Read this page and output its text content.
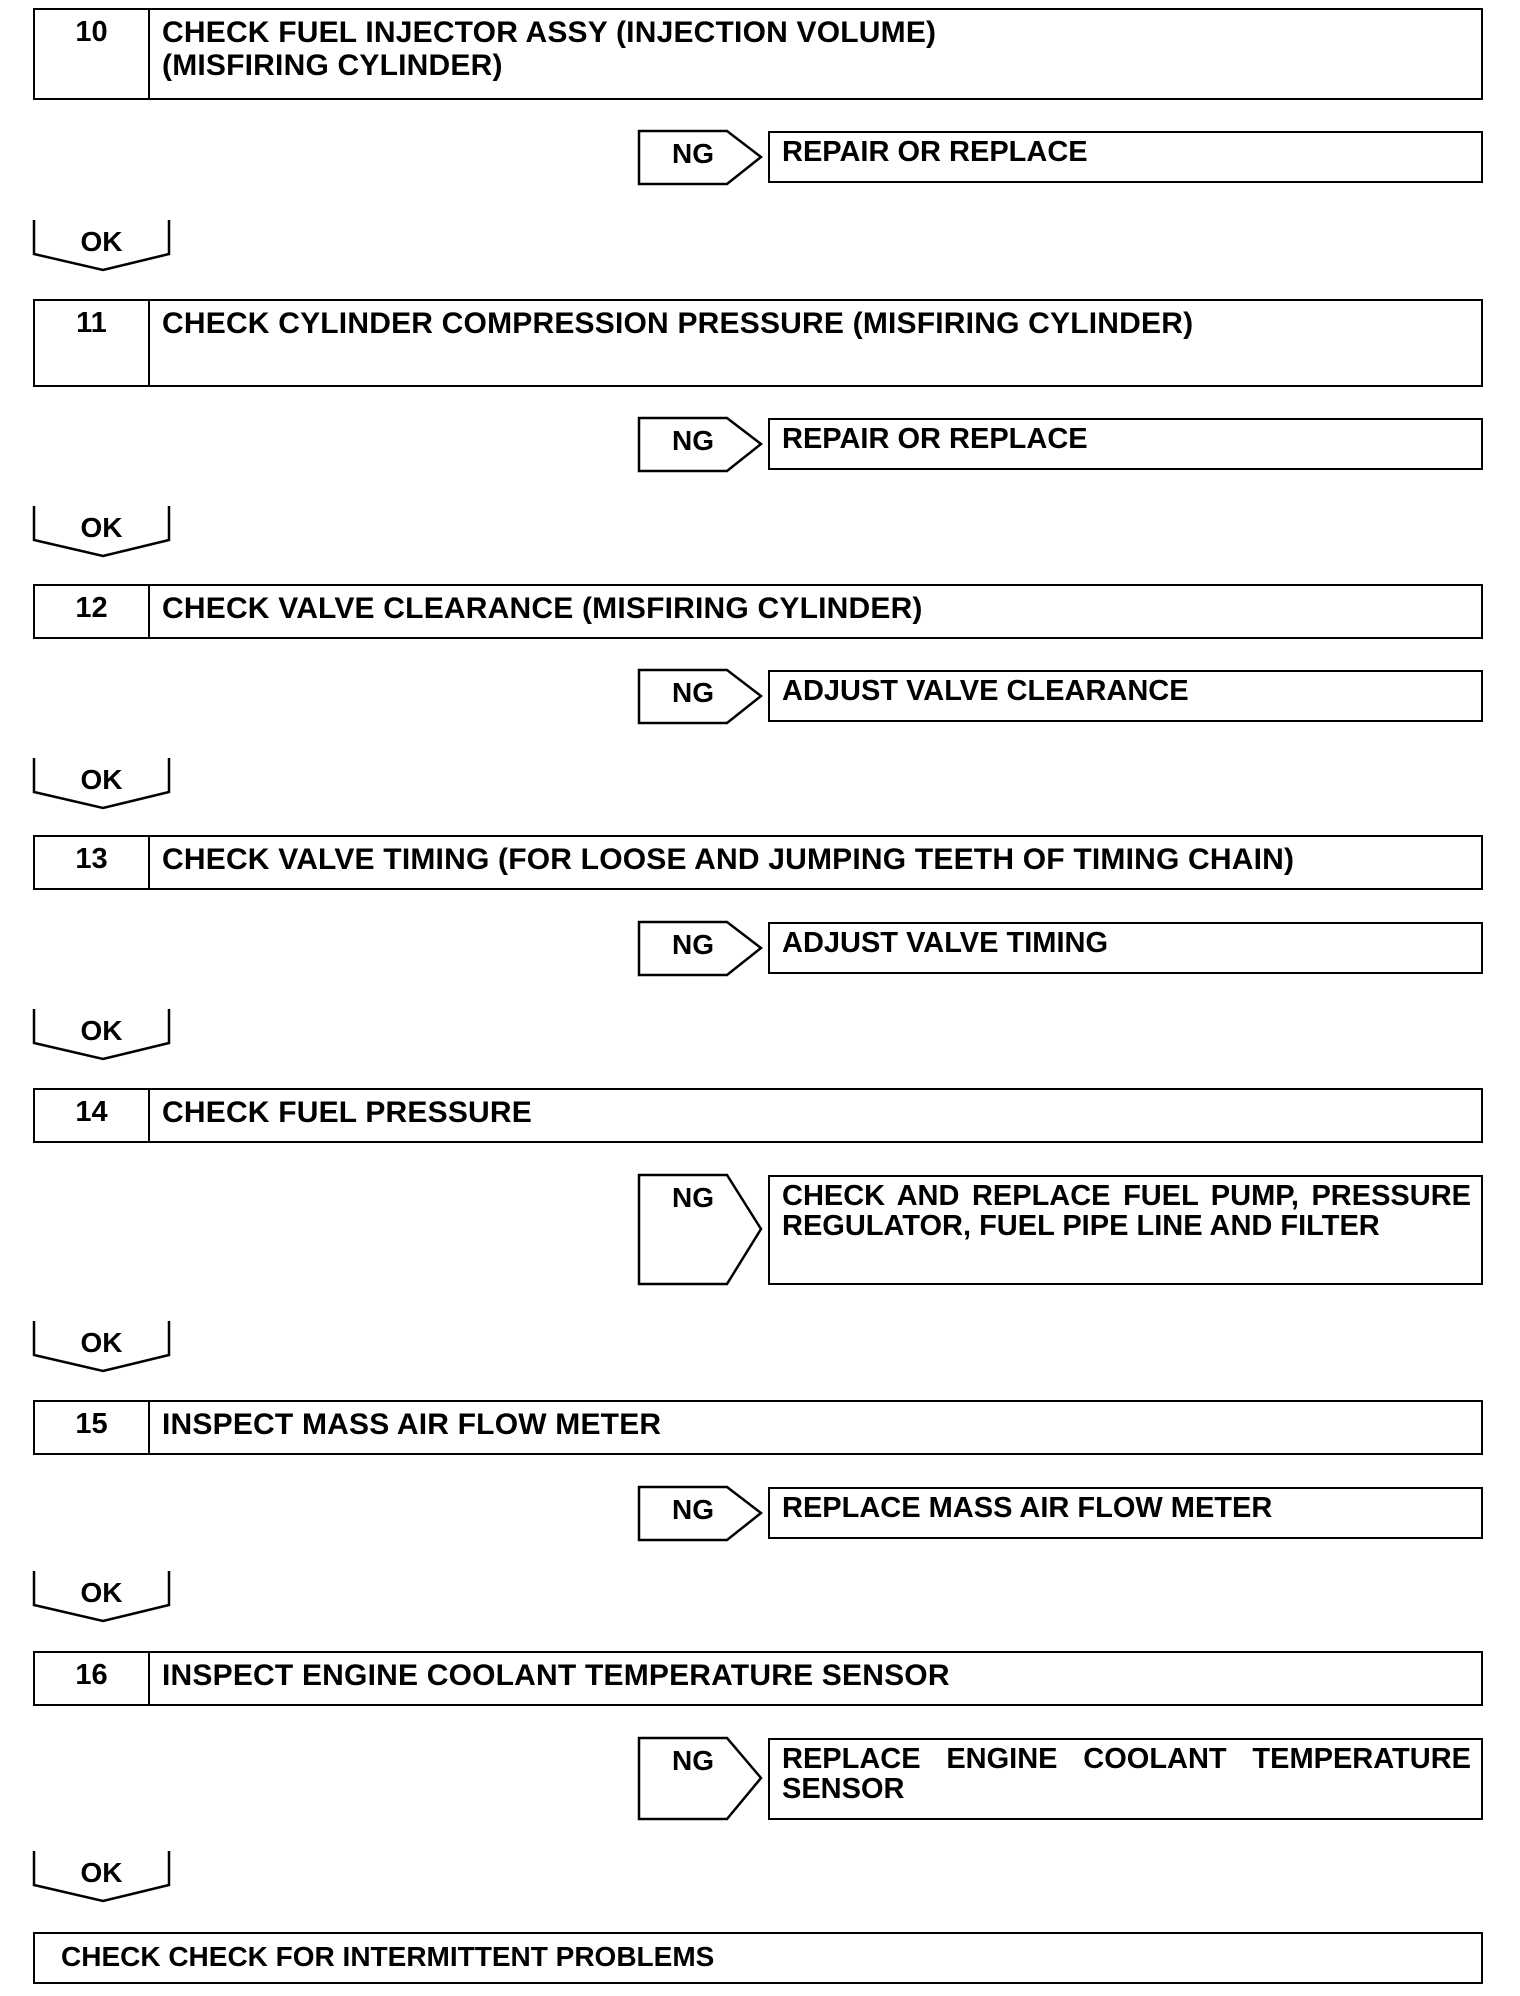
10	CHECK FUEL INJECTOR ASSY (INJECTION VOLUME)
(MISFIRING CYLINDER)
NG	REPAIR OR REPLACE
OK
11	CHECK CYLINDER COMPRESSION PRESSURE (MISFIRING CYLINDER)
NG	REPAIR OR REPLACE
OK
12	CHECK VALVE CLEARANCE (MISFIRING CYLINDER)
NG	ADJUST VALVE CLEARANCE
OK
13	CHECK VALVE TIMING (FOR LOOSE AND JUMPING TEETH OF TIMING CHAIN)
NG	ADJUST VALVE TIMING
OK
14	CHECK FUEL PRESSURE
NG	CHECK AND REPLACE FUEL PUMP, PRESSURE REGULATOR, FUEL PIPE LINE AND FILTER
OK
15	INSPECT MASS AIR FLOW METER
NG	REPLACE MASS AIR FLOW METER
OK
16	INSPECT ENGINE COOLANT TEMPERATURE SENSOR
NG	REPLACE ENGINE COOLANT TEMPERATURE SENSOR
OK
CHECK CHECK FOR INTERMITTENT PROBLEMS
